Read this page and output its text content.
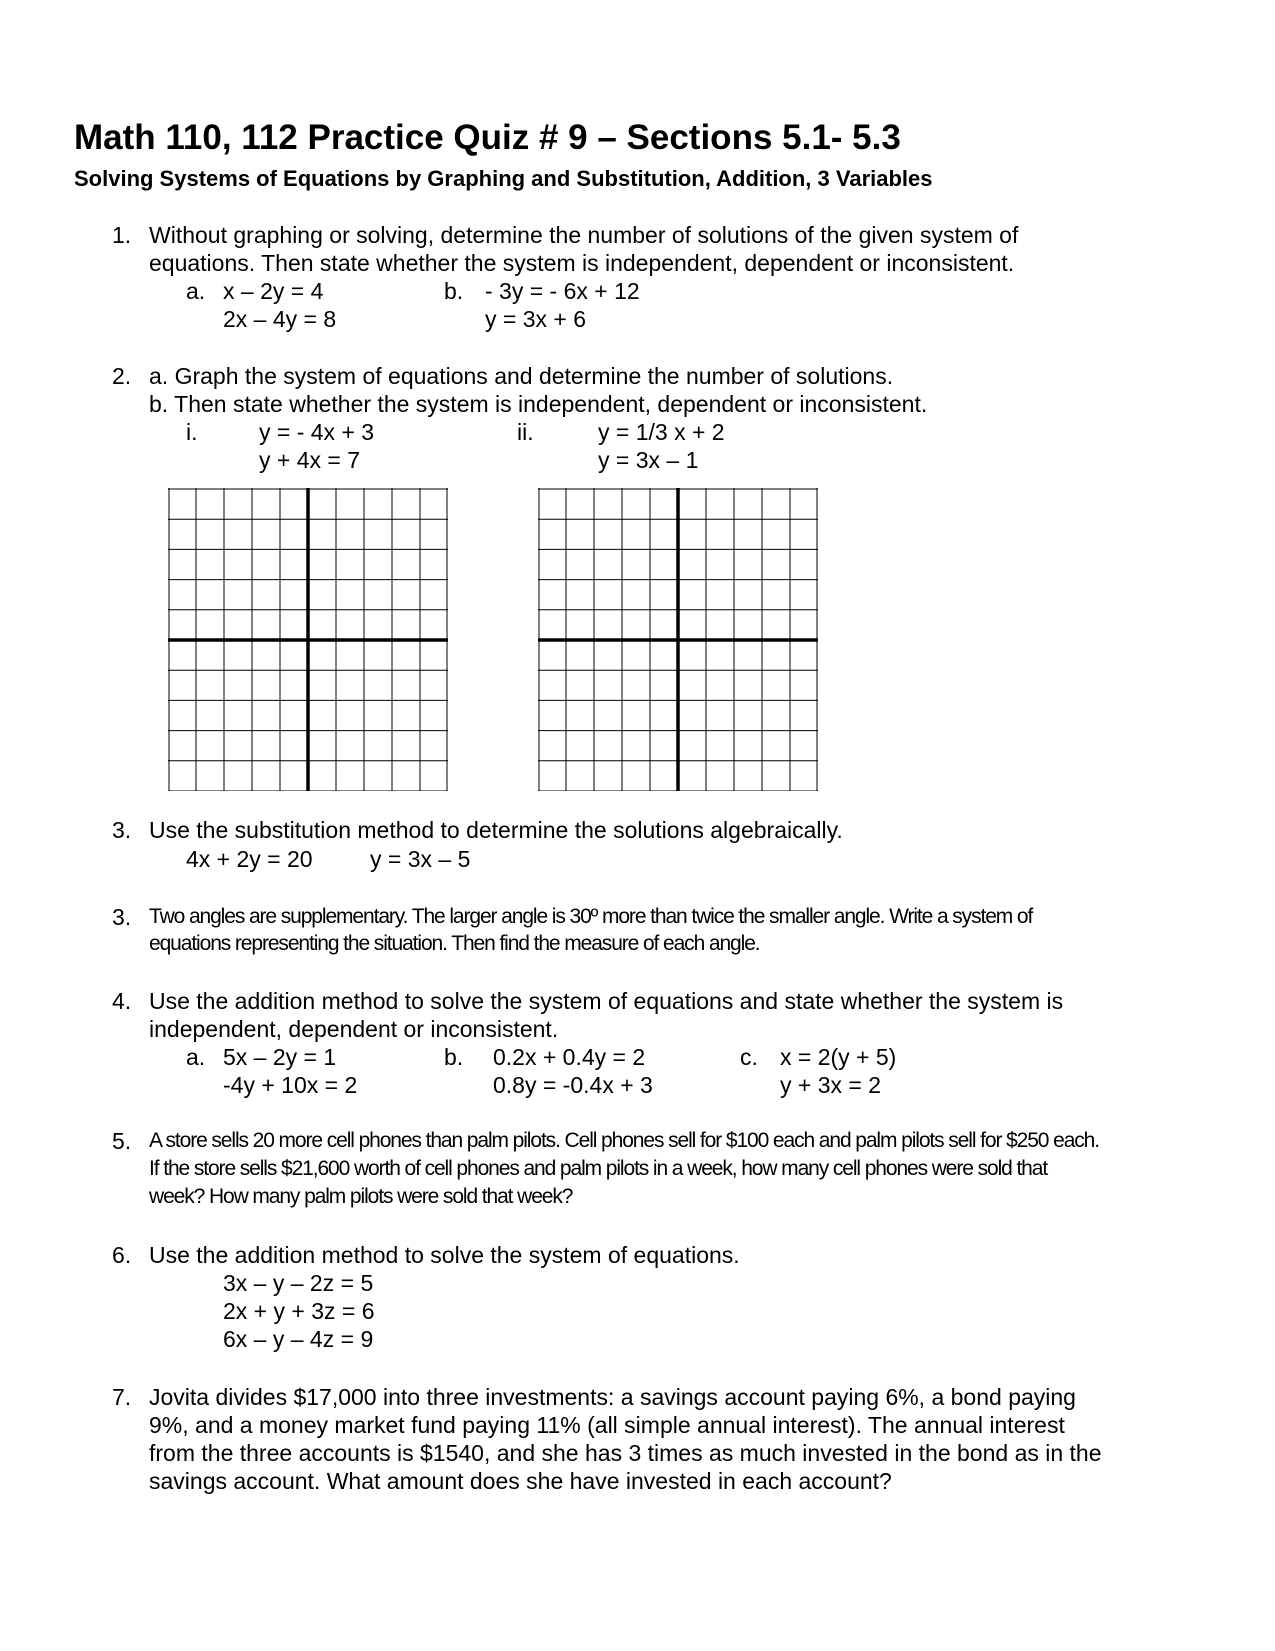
Math 110, 112 Practice Quiz # 9 – Sections 5.1- 5.3
Solving Systems of Equations by Graphing and Substitution, Addition, 3 Variables
1. Without graphing or solving, determine the number of solutions of the given system of
equations. Then state whether the system is independent, dependent or inconsistent.
a. x – 2y = 4
2x – 4y = 8
b. - 3y = - 6x + 12
y = 3x + 6
2. a. Graph the system of equations and determine the number of solutions.
b. Then state whether the system is independent, dependent or inconsistent.
i.	y = - 4x + 3
y + 4x = 7
ii.	y = 1/3 x + 2
y = 3x – 1
3. Use the substitution method to determine the solutions algebraically.
4x + 2y = 20 y = 3x – 5
3. Two angles are supplementary. The larger angle is 30º more than twice the smaller angle. Write a system of
equations representing the situation. Then find the measure of each angle.
4. Use the addition method to solve the system of equations and state whether the system is
independent, dependent or inconsistent.
a. 5x – 2y = 1
-4y + 10x = 2
b. 0.2x + 0.4y = 2
0.8y = -0.4x + 3
c. x = 2(y + 5)
y + 3x = 2
5. A store sells 20 more cell phones than palm pilots. Cell phones sell for $100 each and palm pilots sell for $250 each.
If the store sells $21,600 worth of cell phones and palm pilots in a week, how many cell phones were sold that
week? How many palm pilots were sold that week?
6. Use the addition method to solve the system of equations.
3x – y – 2z = 5
2x + y + 3z = 6
6x – y – 4z = 9
7. Jovita divides $17,000 into three investments: a savings account paying 6%, a bond paying
9%, and a money market fund paying 11% (all simple annual interest). The annual interest
from the three accounts is $1540, and she has 3 times as much invested in the bond as in the
savings account. What amount does she have invested in each account?
